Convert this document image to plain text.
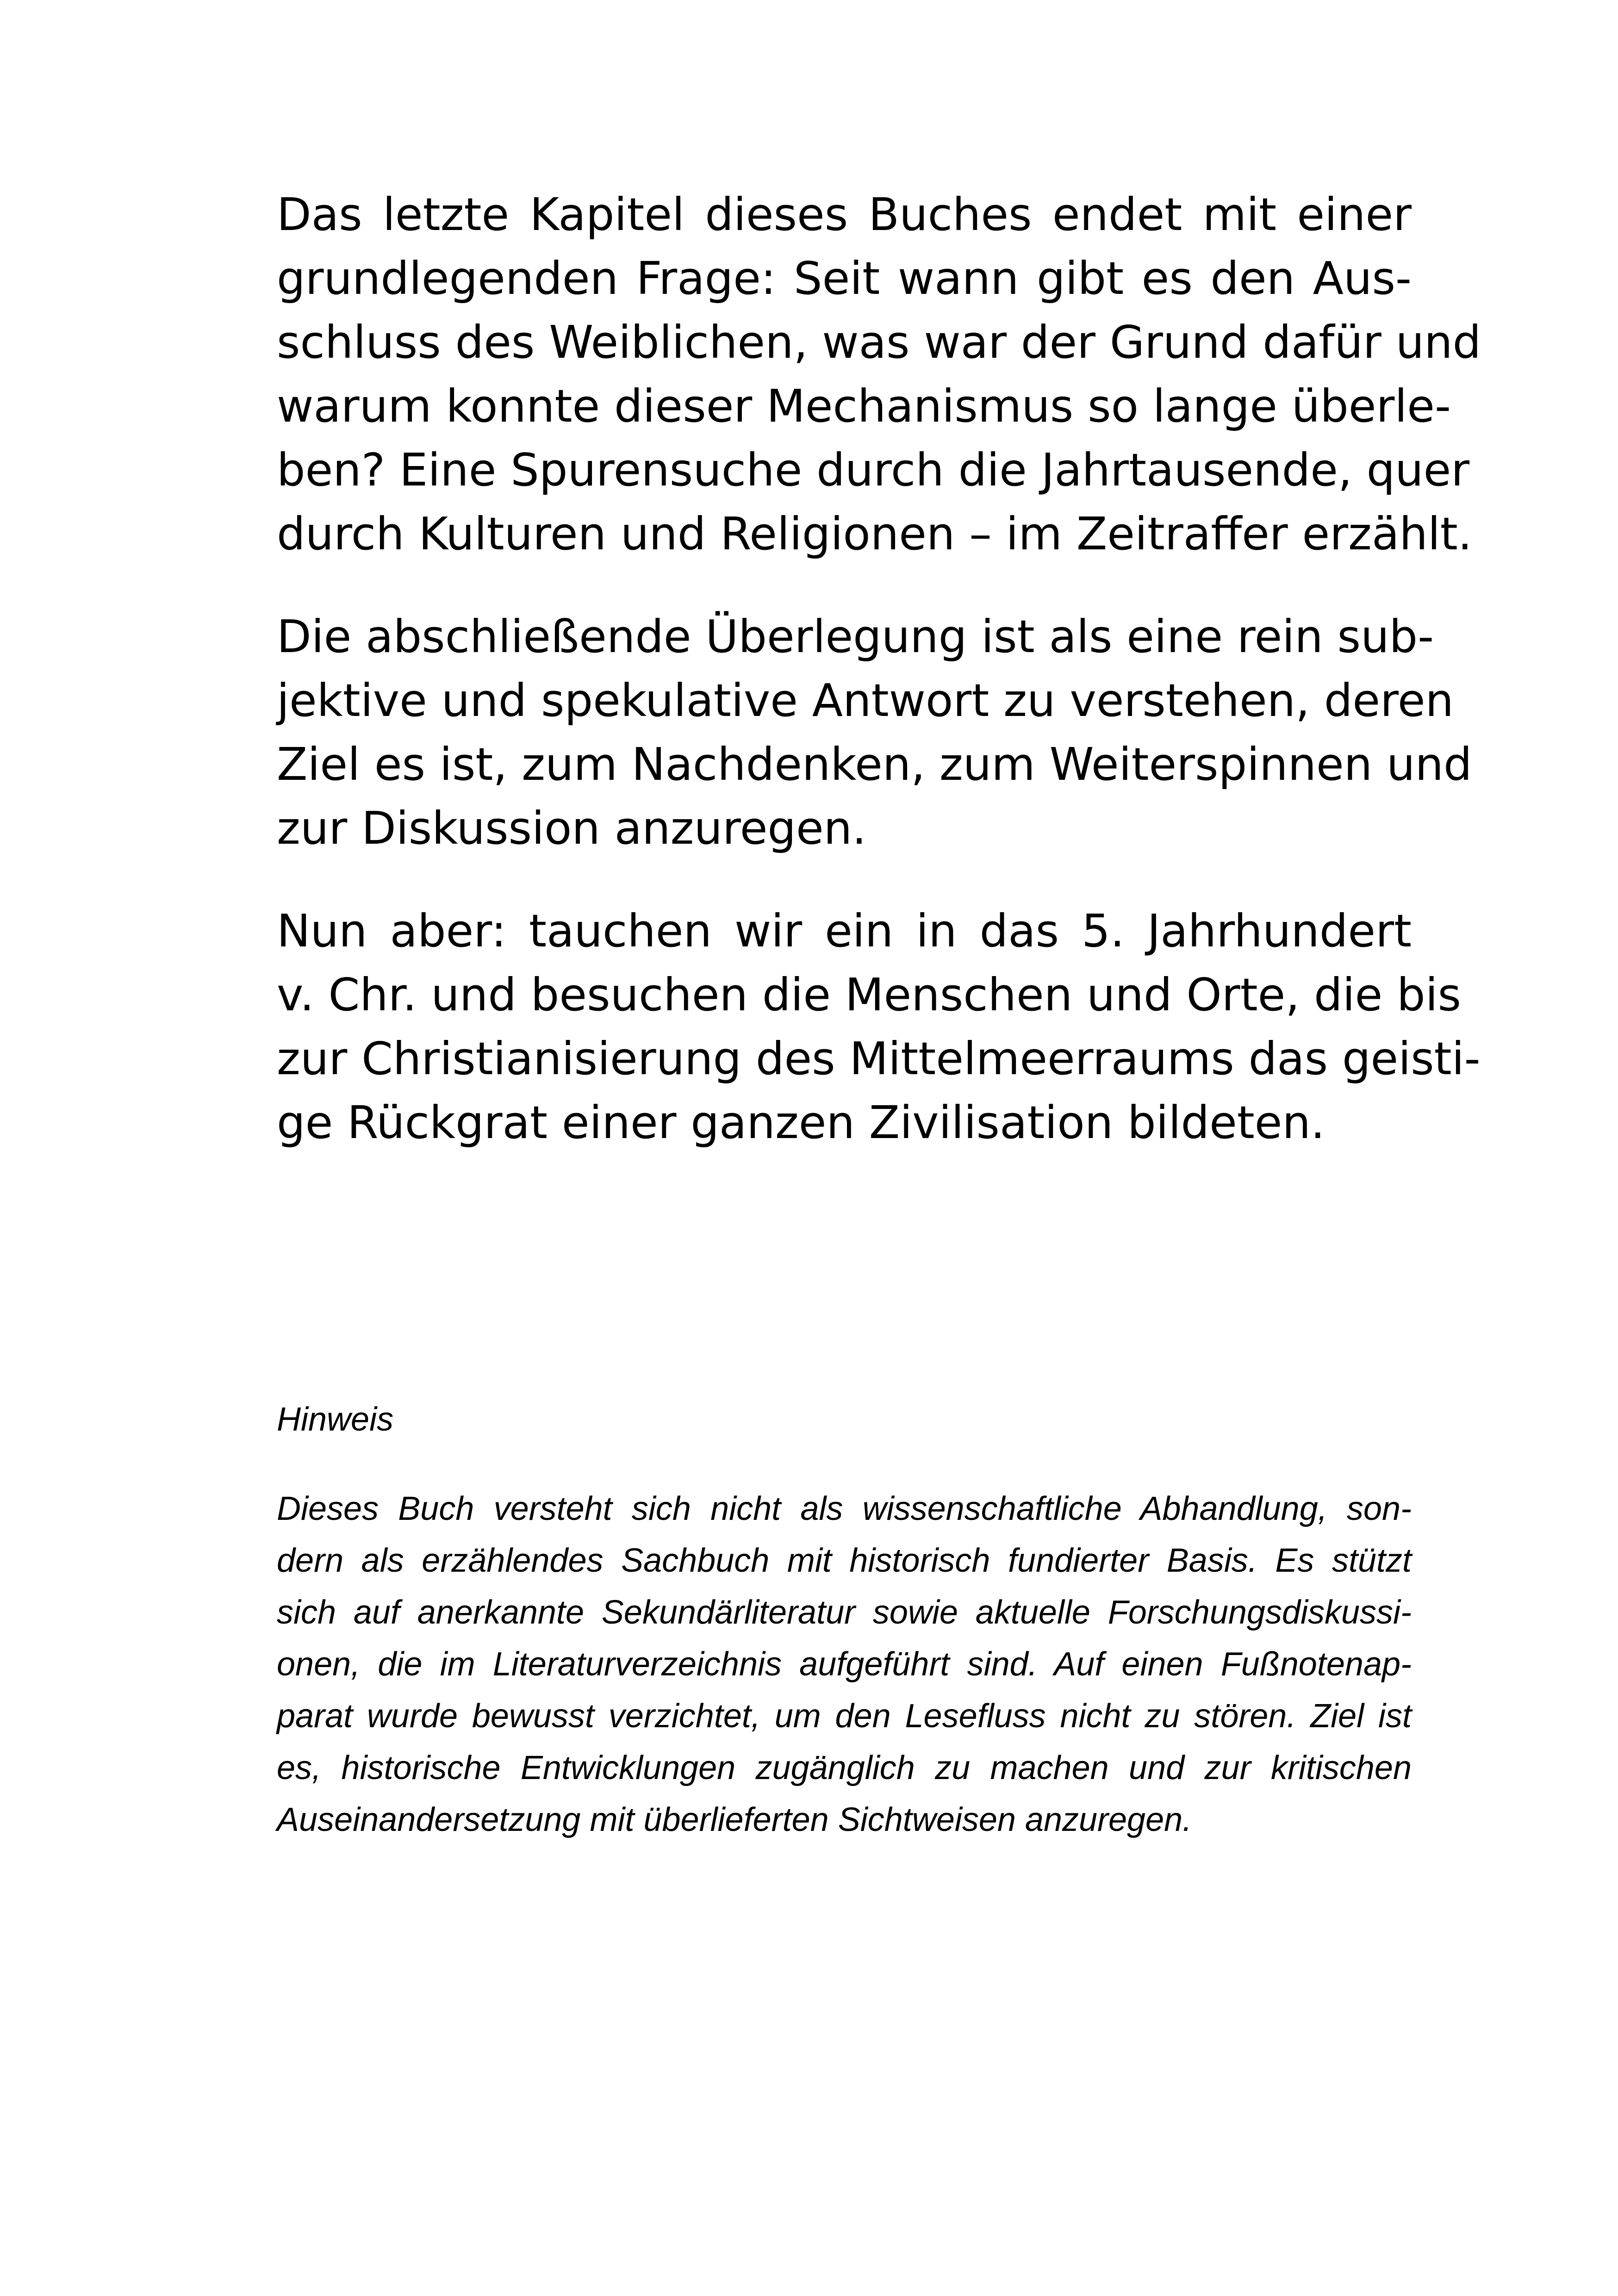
Das letzte Kapitel dieses Buches endet mit einer
grundlegenden Frage: Seit wann gibt es den Aus-
schluss des Weiblichen, was war der Grund dafür und
warum konnte dieser Mechanismus so lange überle-
ben? Eine Spurensuche durch die Jahrtausende, quer
durch Kulturen und Religionen – im Zeitraffer erzählt.
Die abschließende Überlegung ist als eine rein sub-
jektive und spekulative Antwort zu verstehen, deren
Ziel es ist, zum Nachdenken, zum Weiterspinnen und
zur Diskussion anzuregen.
Nun aber: tauchen wir ein in das 5. Jahrhundert
v. Chr. und besuchen die Menschen und Orte, die bis
zur Christianisierung des Mittelmeerraums das geisti-
ge Rückgrat einer ganzen Zivilisation bildeten.
Hinweis
Dieses Buch versteht sich nicht als wissenschaftliche Abhandlung, son-
dern als erzählendes Sachbuch mit historisch fundierter Basis. Es stützt
sich auf anerkannte Sekundärliteratur sowie aktuelle Forschungsdiskussi-
onen, die im Literaturverzeichnis aufgeführt sind. Auf einen Fußnotenap-
parat wurde bewusst verzichtet, um den Lesefluss nicht zu stören. Ziel ist
es, historische Entwicklungen zugänglich zu machen und zur kritischen
Auseinandersetzung mit überlieferten Sichtweisen anzuregen.
